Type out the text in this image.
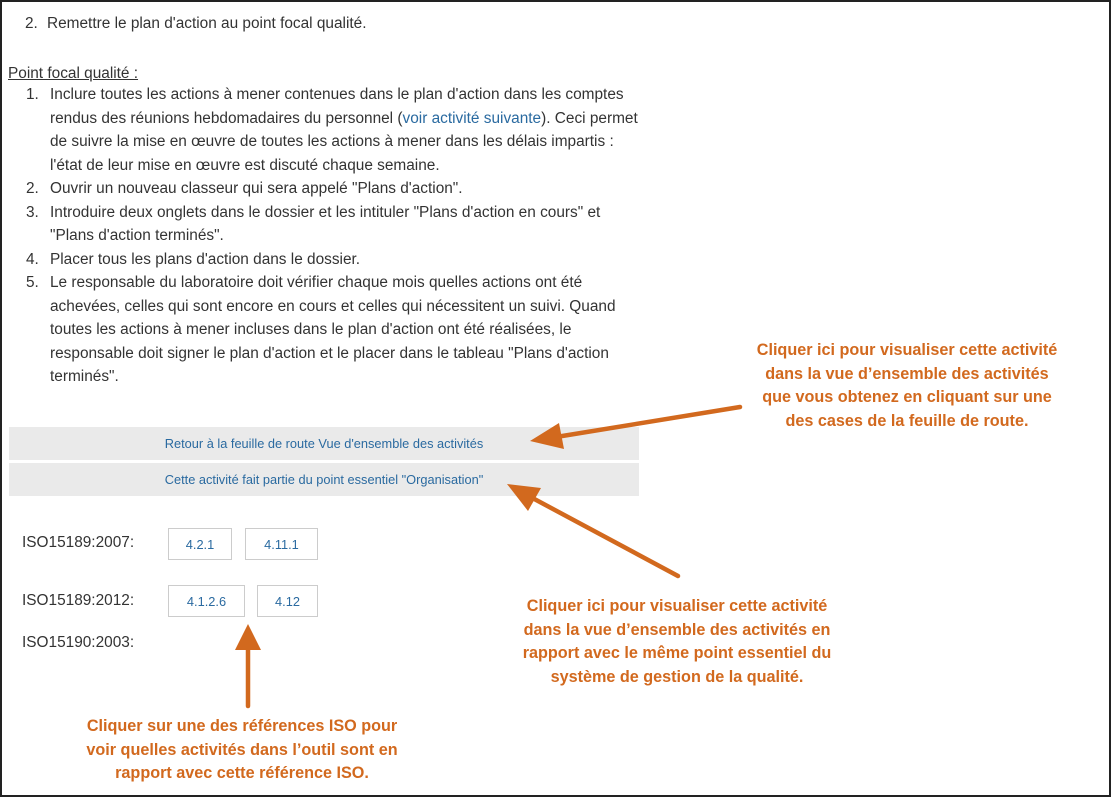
2. Remettre le plan d'action au point focal qualité.
Point focal qualité :
1. Inclure toutes les actions à mener contenues dans le plan d'action dans les comptes rendus des réunions hebdomadaires du personnel (voir activité suivante). Ceci permet de suivre la mise en œuvre de toutes les actions à mener dans les délais impartis : l'état de leur mise en œuvre est discuté chaque semaine.
2. Ouvrir un nouveau classeur qui sera appelé "Plans d'action".
3. Introduire deux onglets dans le dossier et les intituler "Plans d'action en cours" et "Plans d'action terminés".
4. Placer tous les plans d'action dans le dossier.
5. Le responsable du laboratoire doit vérifier chaque mois quelles actions ont été achevées, celles qui sont encore en cours et celles qui nécessitent un suivi. Quand toutes les actions à mener incluses dans le plan d'action ont été réalisées, le responsable doit signer le plan d'action et le placer dans le tableau "Plans d'action terminés".
Retour à la feuille de route Vue d'ensemble des activités
Cette activité fait partie du point essentiel "Organisation"
ISO15189:2007:	4.2.1	4.11.1
ISO15189:2012:	4.1.2.6	4.12
ISO15190:2003:
Cliquer ici pour visualiser cette activité
dans la vue d’ensemble des activités
que vous obtenez en cliquant sur une
des cases de la feuille de route.
Cliquer ici pour visualiser cette activité
dans la vue d’ensemble des activités en
rapport avec le même point essentiel du
système de gestion de la qualité.
Cliquer sur une des références ISO pour
voir quelles activités dans l’outil sont en
rapport avec cette référence ISO.
